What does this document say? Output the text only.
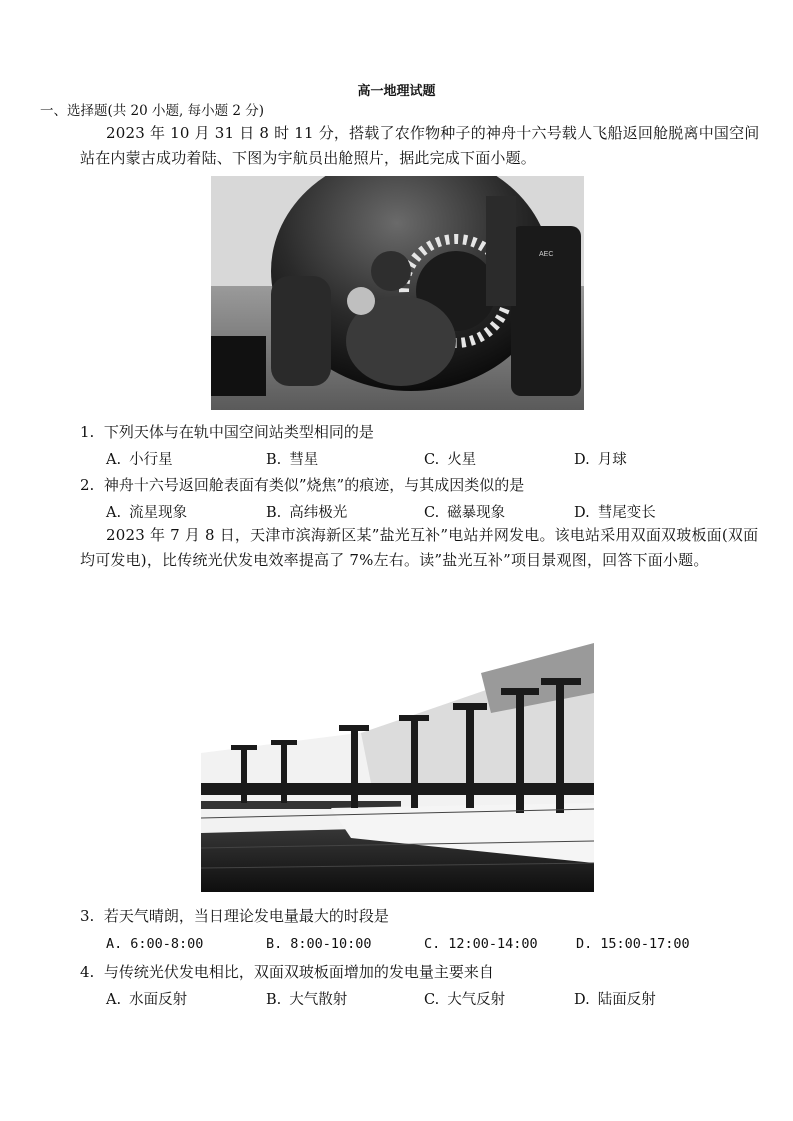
高一地理试题
一、选择题(共 20 小题, 每小题 2 分)
2023 年 10 月 31 日 8 时 11 分，搭载了农作物种子的神舟十六号载人飞船返回舱脱离中国空间站在内蒙古成功着陆、下图为宇航员出舱照片，据此完成下面小题。
AEC
1. 下列天体与在轨中国空间站类型相同的是
A. 小行星	B. 彗星	C. 火星	D. 月球
2. 神舟十六号返回舱表面有类似”烧焦”的痕迹，与其成因类似的是
A. 流星现象	B. 高纬极光	C. 磁暴现象	D. 彗尾变长
2023 年 7 月 8 日，天津市滨海新区某”盐光互补”电站并网发电。该电站采用双面双玻板面(双面均可发电)，比传统光伏发电效率提高了 7%左右。读”盐光互补”项目景观图，回答下面小题。
3. 若天气晴朗，当日理论发电量最大的时段是
A. 6:00-8:00	B. 8:00-10:00	C. 12:00-14:00	D. 15:00-17:00
4. 与传统光伏发电相比，双面双玻板面增加的发电量主要来自
A. 水面反射	B. 大气散射	C. 大气反射	D. 陆面反射
